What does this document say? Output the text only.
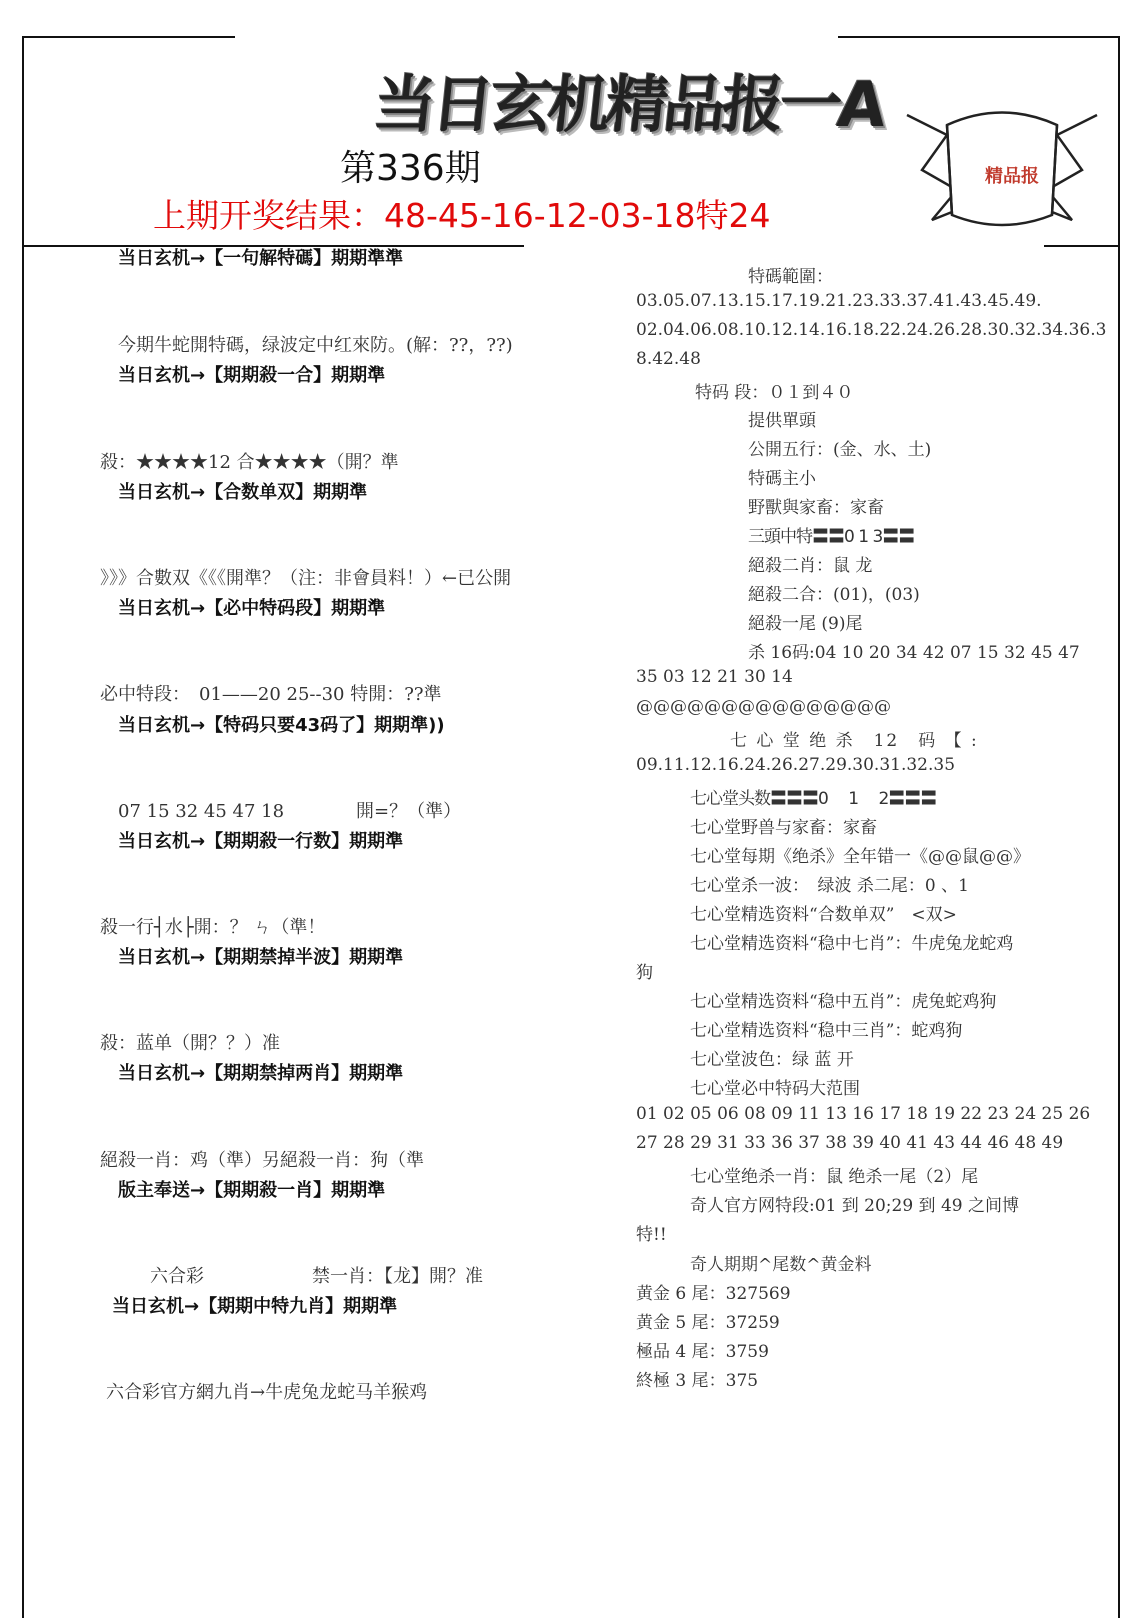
当日玄机精品报一A
第336期
上期开奖结果：48-45-16-12-03-18特24
精品报
当日玄机→【一句解特碼】期期準準
今期牛蛇開特碼，绿波定中红來防。(解：??，??)
当日玄机→【期期殺一合】期期準
殺：★★★★12 合★★★★（開？準
当日玄机→【合数单双】期期準
》》》合數双《《《開準？（注：非會員料！）←已公開
当日玄机→【必中特码段】期期準
必中特段：　01——20 25--30 特開：??準
当日玄机→【特码只要43码了】期期準))
07 15 32 45 47 18　　　　開=？（準）
当日玄机→【期期殺一行数】期期準
殺一行┤水├開：？ ㄣ（準！
当日玄机→【期期禁掉半波】期期準
殺：蓝单（開？？）准
当日玄机→【期期禁掉两肖】期期準
絕殺一肖：鸡（準）另絕殺一肖：狗（準
版主奉送→【期期殺一肖】期期準
六合彩　　　　　　禁一肖：【龙】開？准
当日玄机→【期期中特九肖】期期準
六合彩官方網九肖→牛虎兔龙蛇马羊猴鸡
特碼範圍：
03.05.07.13.15.17.19.21.23.33.37.41.43.45.49.
02.04.06.08.10.12.14.16.18.22.24.26.28.30.32.34.36.3
8.42.48
特码 段：０１到４０
提供單頭
公開五行：(金、水、土)
特碼主小
野獸與家畜：家畜
三頭中特〓〓0 1 3〓〓
絕殺二肖：鼠 龙
絕殺二合：(01)，(03)
絕殺一尾 (9)尾
杀 16码:04 10 20 34 42 07 15 32 45 47
35 03 12 21 30 14
@@@@@@@@@@@@@@@
七 心 堂 绝 杀　12　码 【 :
09.11.12.16.24.26.27.29.30.31.32.35
七心堂头数〓〓〓0　 1　 2〓〓〓
七心堂野兽与家畜：家畜
七心堂每期《绝杀》全年错一《@@鼠@@》
七心堂杀一波：　绿波 杀二尾：0 、1
七心堂精选资料“合数单双”　<双>
七心堂精选资料“稳中七肖”：牛虎兔龙蛇鸡
狗
七心堂精选资料“稳中五肖”：虎兔蛇鸡狗
七心堂精选资料“稳中三肖”：蛇鸡狗
七心堂波色：绿 蓝 开
七心堂必中特码大范围
01 02 05 06 08 09 11 13 16 17 18 19 22 23 24 25 26
27 28 29 31 33 36 37 38 39 40 41 43 44 46 48 49
七心堂绝杀一肖：鼠 绝杀一尾（2）尾
奇人官方网特段:01 到 20;29 到 49 之间博
特!!
奇人期期^尾数^黄金料
黄金 6 尾：327569
黄金 5 尾：37259
極品 4 尾：3759
終極 3 尾：375
